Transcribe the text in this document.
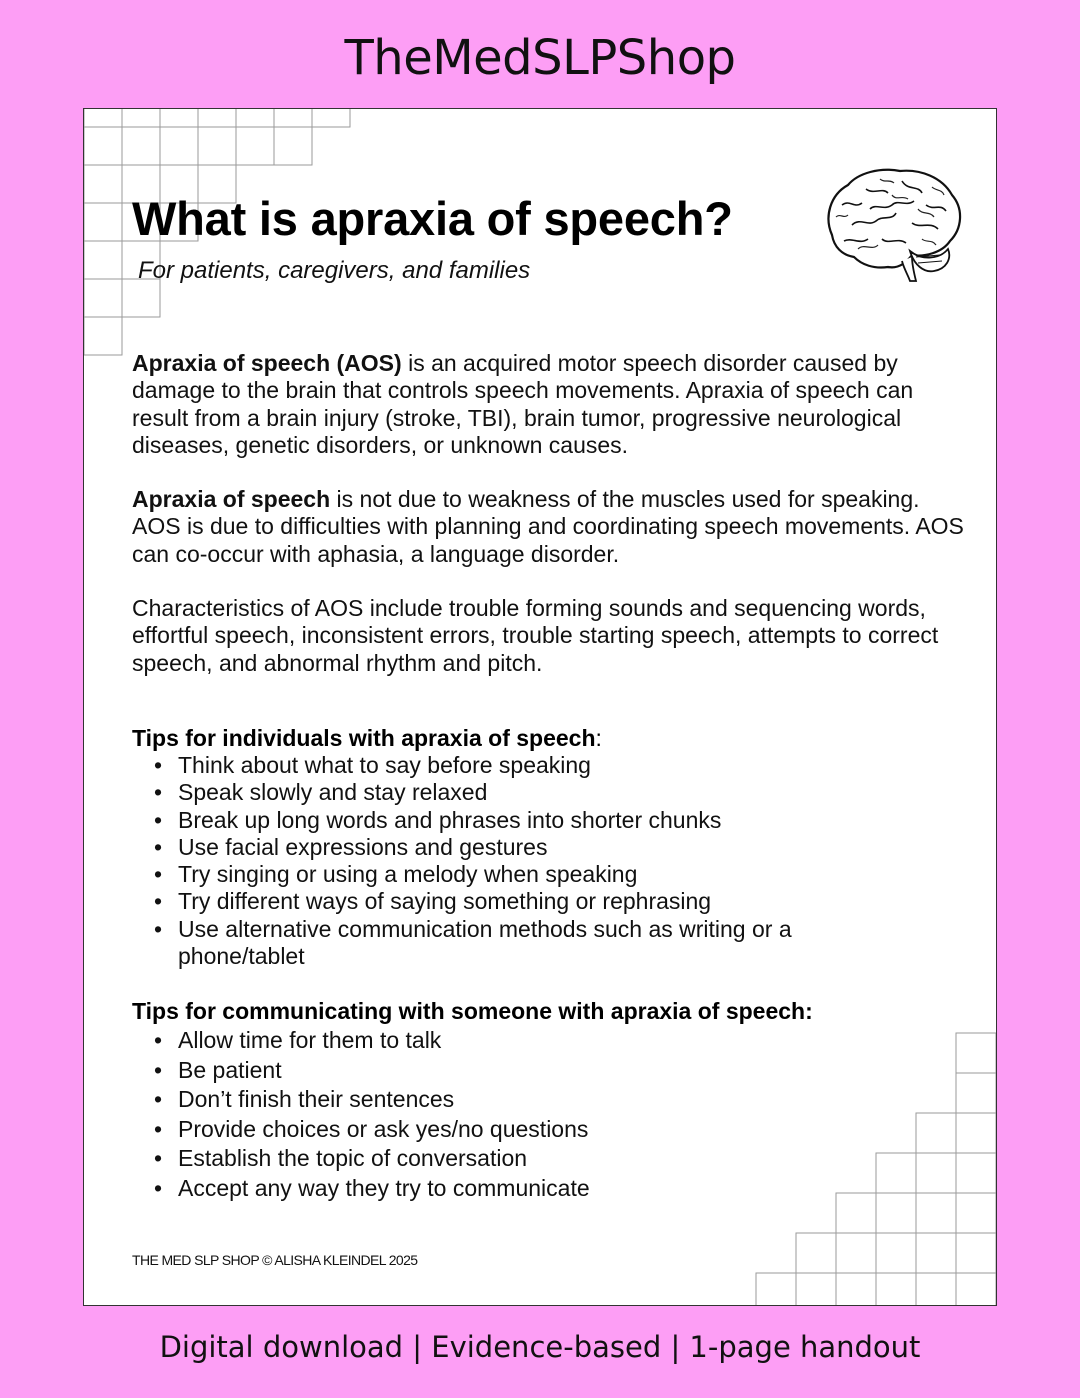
TheMedSLPShop
What is apraxia of speech?
For patients, caregivers, and families

Apraxia of speech (AOS) is an acquired motor speech disorder caused by damage to the brain that controls speech movements. Apraxia of speech can result from a brain injury (stroke, TBI), brain tumor, progressive neurological diseases, genetic disorders, or unknown causes.

Apraxia of speech is not due to weakness of the muscles used for speaking. AOS is due to difficulties with planning and coordinating speech movements. AOS can co-occur with aphasia, a language disorder.

Characteristics of AOS include trouble forming sounds and sequencing words, effortful speech, inconsistent errors, trouble starting speech, attempts to correct speech, and abnormal rhythm and pitch.

Tips for individuals with apraxia of speech:

• Think about what to say before speaking
• Speak slowly and stay relaxed
• Break up long words and phrases into shorter chunks
• Use facial expressions and gestures
• Try singing or using a melody when speaking
• Try different ways of saying something or rephrasing
• Use alternative communication methods such as writing or a phone/tablet

Tips for communicating with someone with apraxia of speech:

• Allow time for them to talk
• Be patient
• Don’t finish their sentences
• Provide choices or ask yes/no questions
• Establish the topic of conversation
• Accept any way they try to communicate
THE MED SLP SHOP © ALISHA KLEINDEL 2025
Digital download | Evidence-based | 1-page handout
